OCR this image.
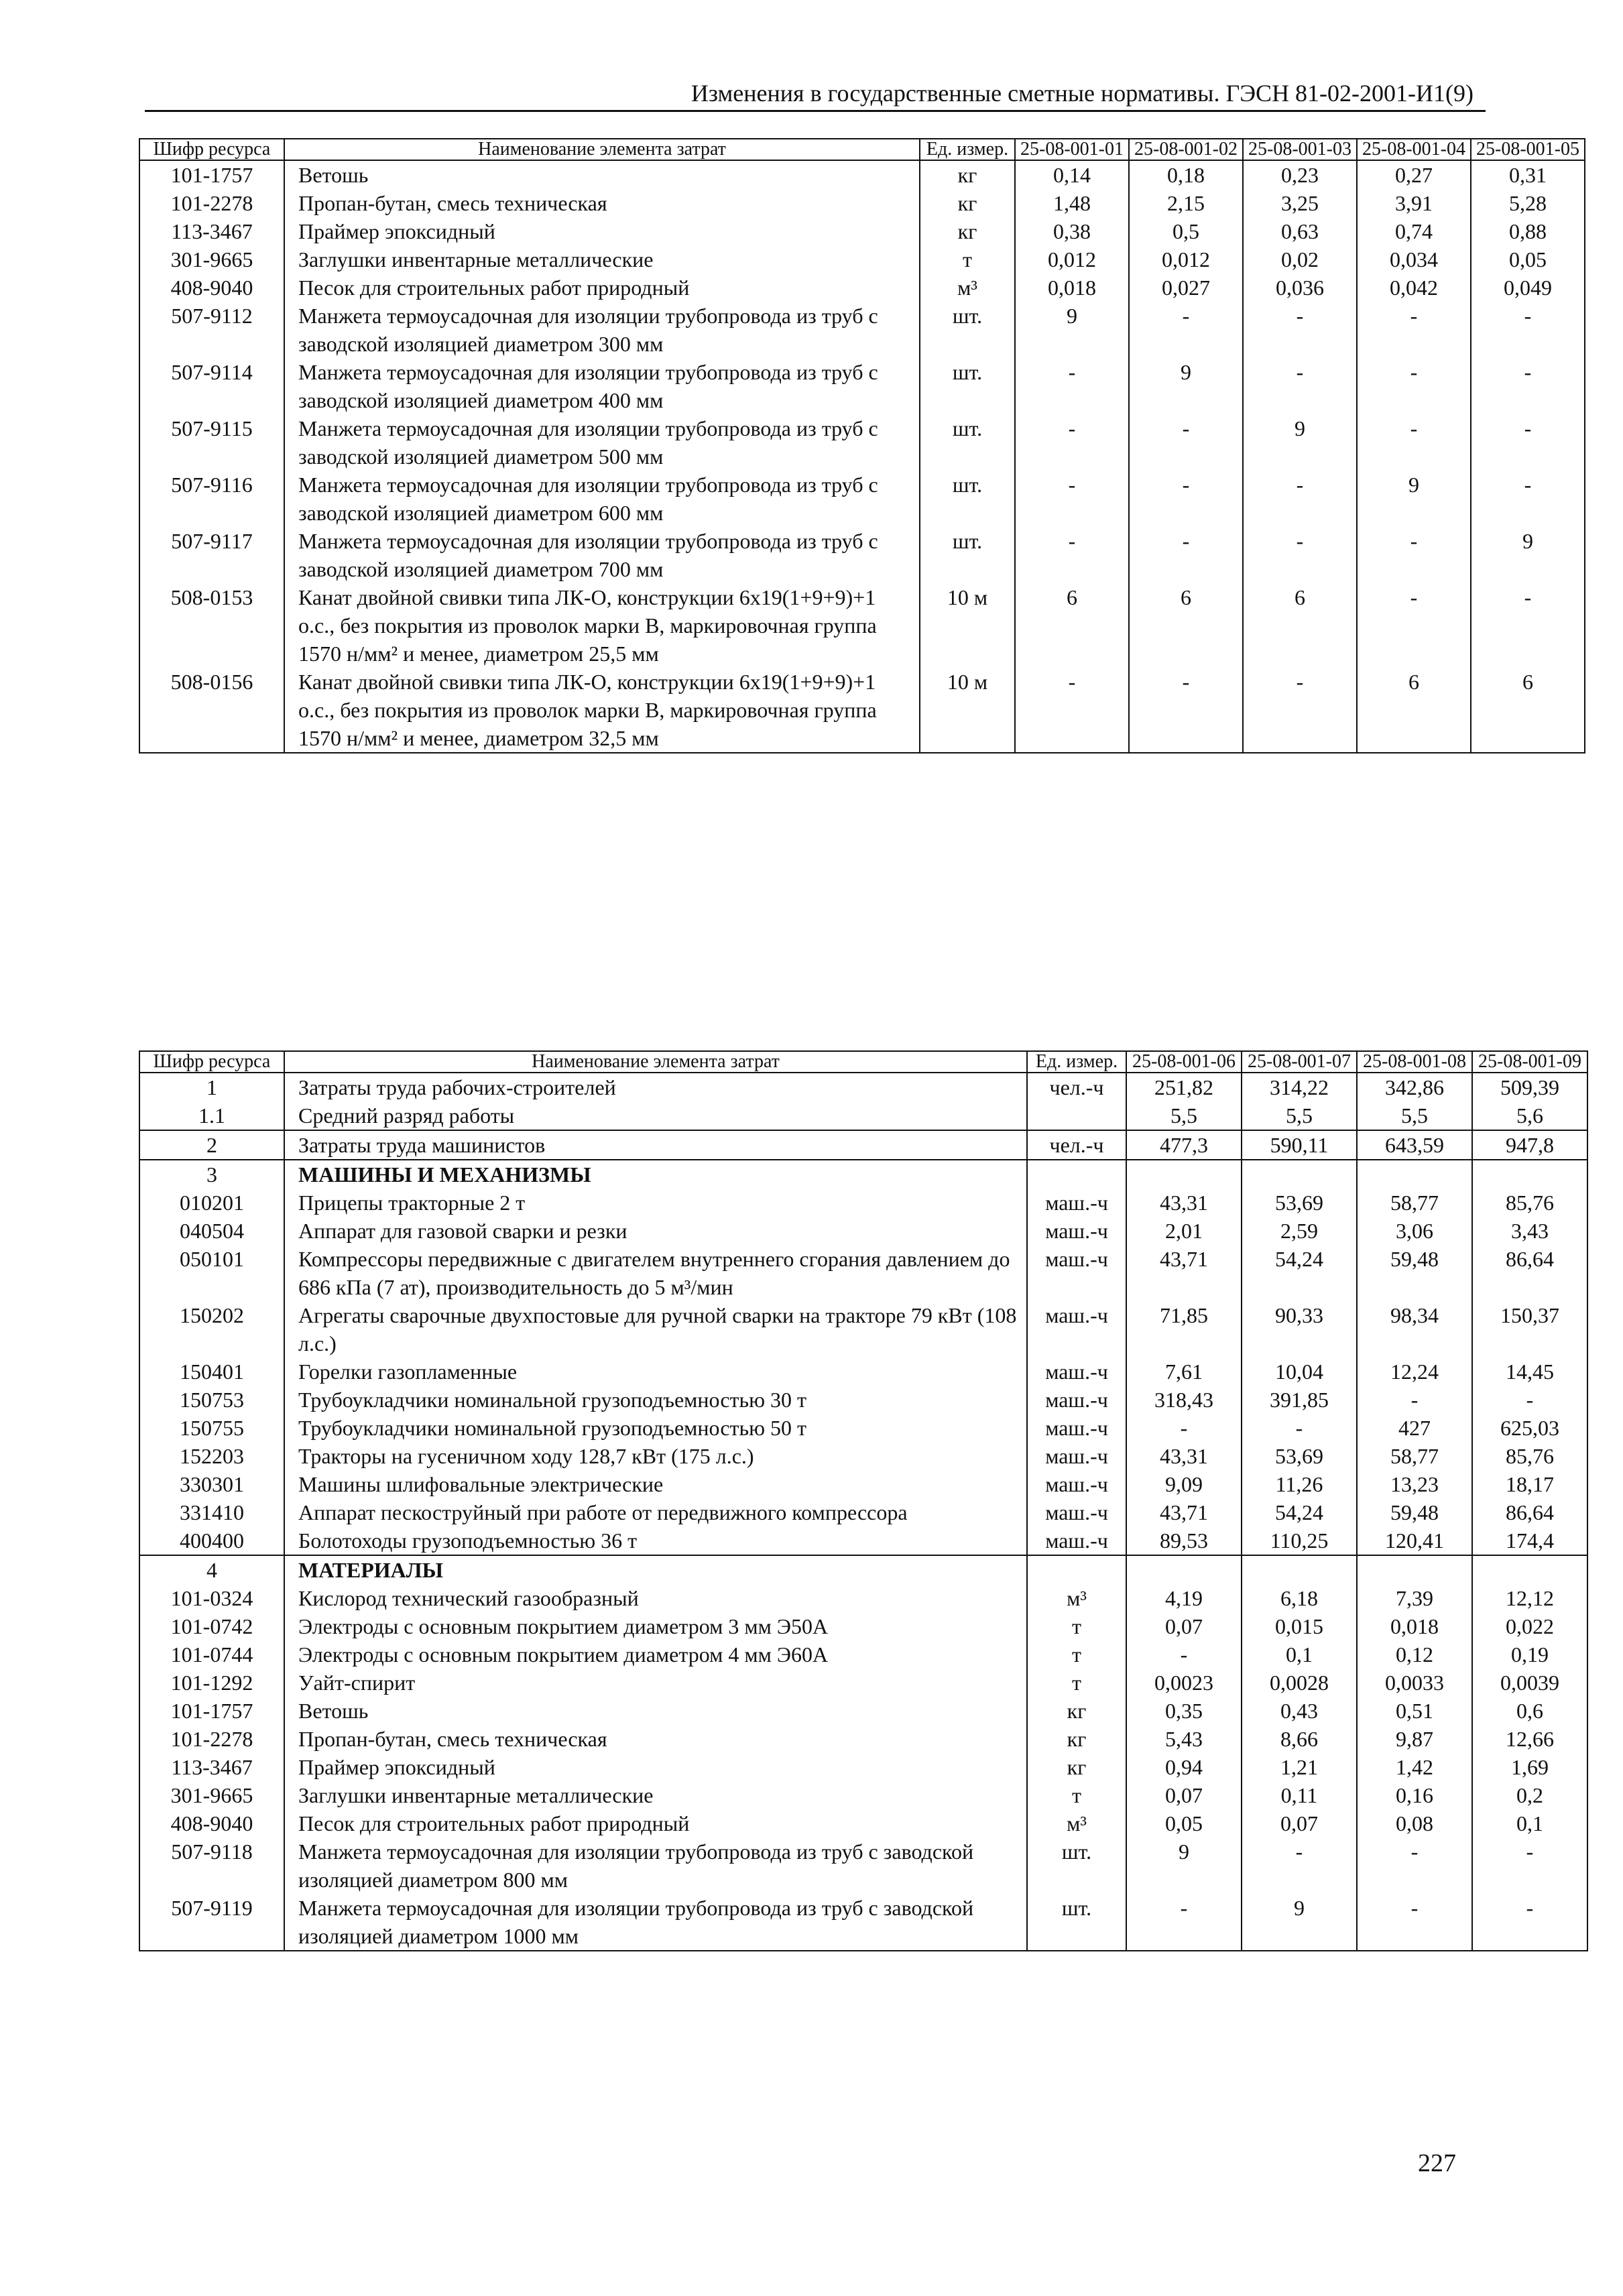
Изменения в государственные сметные нормативы. ГЭСН 81-02-2001-И1(9)
Шифр ресурса	Наименование элемента затрат	Ед. измер.	25-08-001-01	25-08-001-02	25-08-001-03	25-08-001-04	25-08-001-05
101-1757	Ветошь	кг	0,14	0,18	0,23	0,27	0,31
101-2278	Пропан-бутан, смесь техническая	кг	1,48	2,15	3,25	3,91	5,28
113-3467	Праймер эпоксидный	кг	0,38	0,5	0,63	0,74	0,88
301-9665	Заглушки инвентарные металлические	т	0,012	0,012	0,02	0,034	0,05
408-9040	Песок для строительных работ природный	м³	0,018	0,027	0,036	0,042	0,049
507-9112	Манжета термоусадочная для изоляции трубопровода из труб с заводской изоляцией диаметром 300 мм	шт.	9	-	-	-	-
507-9114	Манжета термоусадочная для изоляции трубопровода из труб с заводской изоляцией диаметром 400 мм	шт.	-	9	-	-	-
507-9115	Манжета термоусадочная для изоляции трубопровода из труб с заводской изоляцией диаметром 500 мм	шт.	-	-	9	-	-
507-9116	Манжета термоусадочная для изоляции трубопровода из труб с заводской изоляцией диаметром 600 мм	шт.	-	-	-	9	-
507-9117	Манжета термоусадочная для изоляции трубопровода из труб с заводской изоляцией диаметром 700 мм	шт.	-	-	-	-	9
508-0153	Канат двойной свивки типа ЛК-О, конструкции 6х19(1+9+9)+1 о.с., без покрытия из проволок марки В, маркировочная группа 1570 н/мм² и менее, диаметром 25,5 мм	10 м	6	6	6	-	-
508-0156	Канат двойной свивки типа ЛК-О, конструкции 6х19(1+9+9)+1 о.с., без покрытия из проволок марки В, маркировочная группа 1570 н/мм² и менее, диаметром 32,5 мм	10 м	-	-	-	6	6
Шифр ресурса	Наименование элемента затрат	Ед. измер.	25-08-001-06	25-08-001-07	25-08-001-08	25-08-001-09
1	Затраты труда рабочих-строителей	чел.-ч	251,82	314,22	342,86	509,39
1.1	Средний разряд работы		5,5	5,5	5,5	5,6
2	Затраты труда машинистов	чел.-ч	477,3	590,11	643,59	947,8
3	МАШИНЫ И МЕХАНИЗМЫ					
010201	Прицепы тракторные 2 т	маш.-ч	43,31	53,69	58,77	85,76
040504	Аппарат для газовой сварки и резки	маш.-ч	2,01	2,59	3,06	3,43
050101	Компрессоры передвижные с двигателем внутреннего сгорания давлением до 686 кПа (7 ат), производительность до 5 м³/мин	маш.-ч	43,71	54,24	59,48	86,64
150202	Агрегаты сварочные двухпостовые для ручной сварки на тракторе 79 кВт (108 л.с.)	маш.-ч	71,85	90,33	98,34	150,37
150401	Горелки газопламенные	маш.-ч	7,61	10,04	12,24	14,45
150753	Трубоукладчики номинальной грузоподъемностью 30 т	маш.-ч	318,43	391,85	-	-
150755	Трубоукладчики номинальной грузоподъемностью 50 т	маш.-ч	-	-	427	625,03
152203	Тракторы на гусеничном ходу 128,7 кВт (175 л.с.)	маш.-ч	43,31	53,69	58,77	85,76
330301	Машины шлифовальные электрические	маш.-ч	9,09	11,26	13,23	18,17
331410	Аппарат пескоструйный при работе от передвижного компрессора	маш.-ч	43,71	54,24	59,48	86,64
400400	Болотоходы грузоподъемностью 36 т	маш.-ч	89,53	110,25	120,41	174,4
4	МАТЕРИАЛЫ					
101-0324	Кислород технический газообразный	м³	4,19	6,18	7,39	12,12
101-0742	Электроды с основным покрытием диаметром 3 мм Э50А	т	0,07	0,015	0,018	0,022
101-0744	Электроды с основным покрытием диаметром 4 мм Э60А	т	-	0,1	0,12	0,19
101-1292	Уайт-спирит	т	0,0023	0,0028	0,0033	0,0039
101-1757	Ветошь	кг	0,35	0,43	0,51	0,6
101-2278	Пропан-бутан, смесь техническая	кг	5,43	8,66	9,87	12,66
113-3467	Праймер эпоксидный	кг	0,94	1,21	1,42	1,69
301-9665	Заглушки инвентарные металлические	т	0,07	0,11	0,16	0,2
408-9040	Песок для строительных работ природный	м³	0,05	0,07	0,08	0,1
507-9118	Манжета термоусадочная для изоляции трубопровода из труб с заводской изоляцией диаметром 800 мм	шт.	9	-	-	-
507-9119	Манжета термоусадочная для изоляции трубопровода из труб с заводской изоляцией диаметром 1000 мм	шт.	-	9	-	-
227
